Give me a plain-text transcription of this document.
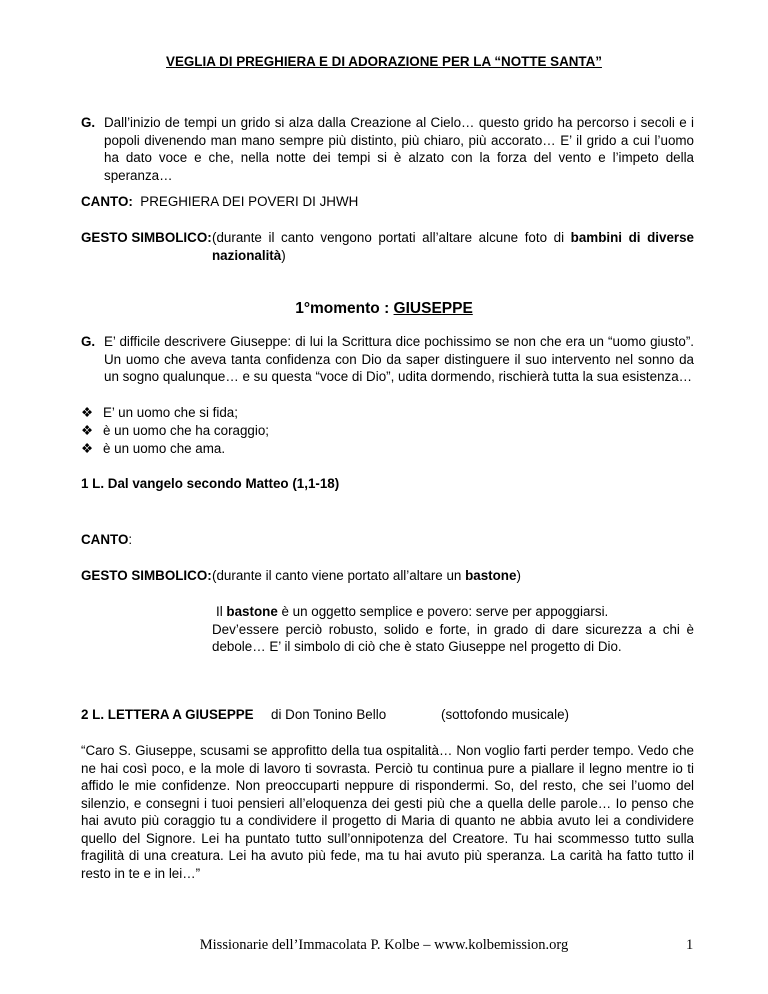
VEGLIA DI PREGHIERA E DI ADORAZIONE PER LA “NOTTE SANTA”
G. Dall’inizio de tempi un grido si alza dalla Creazione al Cielo… questo grido ha percorso i secoli e i popoli divenendo man mano sempre più distinto, più chiaro, più accorato… E’ il grido a cui l’uomo ha dato voce e che, nella notte dei tempi si è alzato con la forza del vento e l’impeto della speranza…
CANTO: PREGHIERA DEI POVERI DI JHWH
GESTO SIMBOLICO: (durante il canto vengono portati all’altare alcune foto di bambini di diverse nazionalità)
1°momento : GIUSEPPE
G. E’ difficile descrivere Giuseppe: di lui la Scrittura dice pochissimo se non che era un “uomo giusto”. Un uomo che aveva tanta confidenza con Dio da saper distinguere il suo intervento nel sonno da un sogno qualunque… e su questa “voce di Dio”, udita dormendo, rischierà tutta la sua esistenza…
❖ E’ un uomo che si fida;
❖ è un uomo che ha coraggio;
❖ è un uomo che ama.
1 L. Dal vangelo secondo Matteo (1,1-18)
CANTO:
GESTO SIMBOLICO: (durante il canto viene portato all’altare un bastone)
Il bastone è un oggetto semplice e povero: serve per appoggiarsi.
Dev’essere perciò robusto, solido e forte, in grado di dare sicurezza a chi è debole… E’ il simbolo di ciò che è stato Giuseppe nel progetto di Dio.
2 L. LETTERA A GIUSEPPE di Don Tonino Bello	(sottofondo musicale)
“Caro S. Giuseppe, scusami se approfitto della tua ospitalità… Non voglio farti perder tempo. Vedo che ne hai così poco, e la mole di lavoro ti sovrasta. Perciò tu continua pure a piallare il legno mentre io ti affido le mie confidenze. Non preoccuparti neppure di rispondermi. So, del resto, che sei l’uomo del silenzio, e consegni i tuoi pensieri all’eloquenza dei gesti più che a quella delle parole… Io penso che hai avuto più coraggio tu a condividere il progetto di Maria di quanto ne abbia avuto lei a condividere quello del Signore. Lei ha puntato tutto sull’onnipotenza del Creatore. Tu hai scommesso tutto sulla fragilità di una creatura. Lei ha avuto più fede, ma tu hai avuto più speranza. La carità ha fatto tutto il resto in te e in lei…”
Missionarie dell’Immacolata P. Kolbe – www.kolbemission.org	1
